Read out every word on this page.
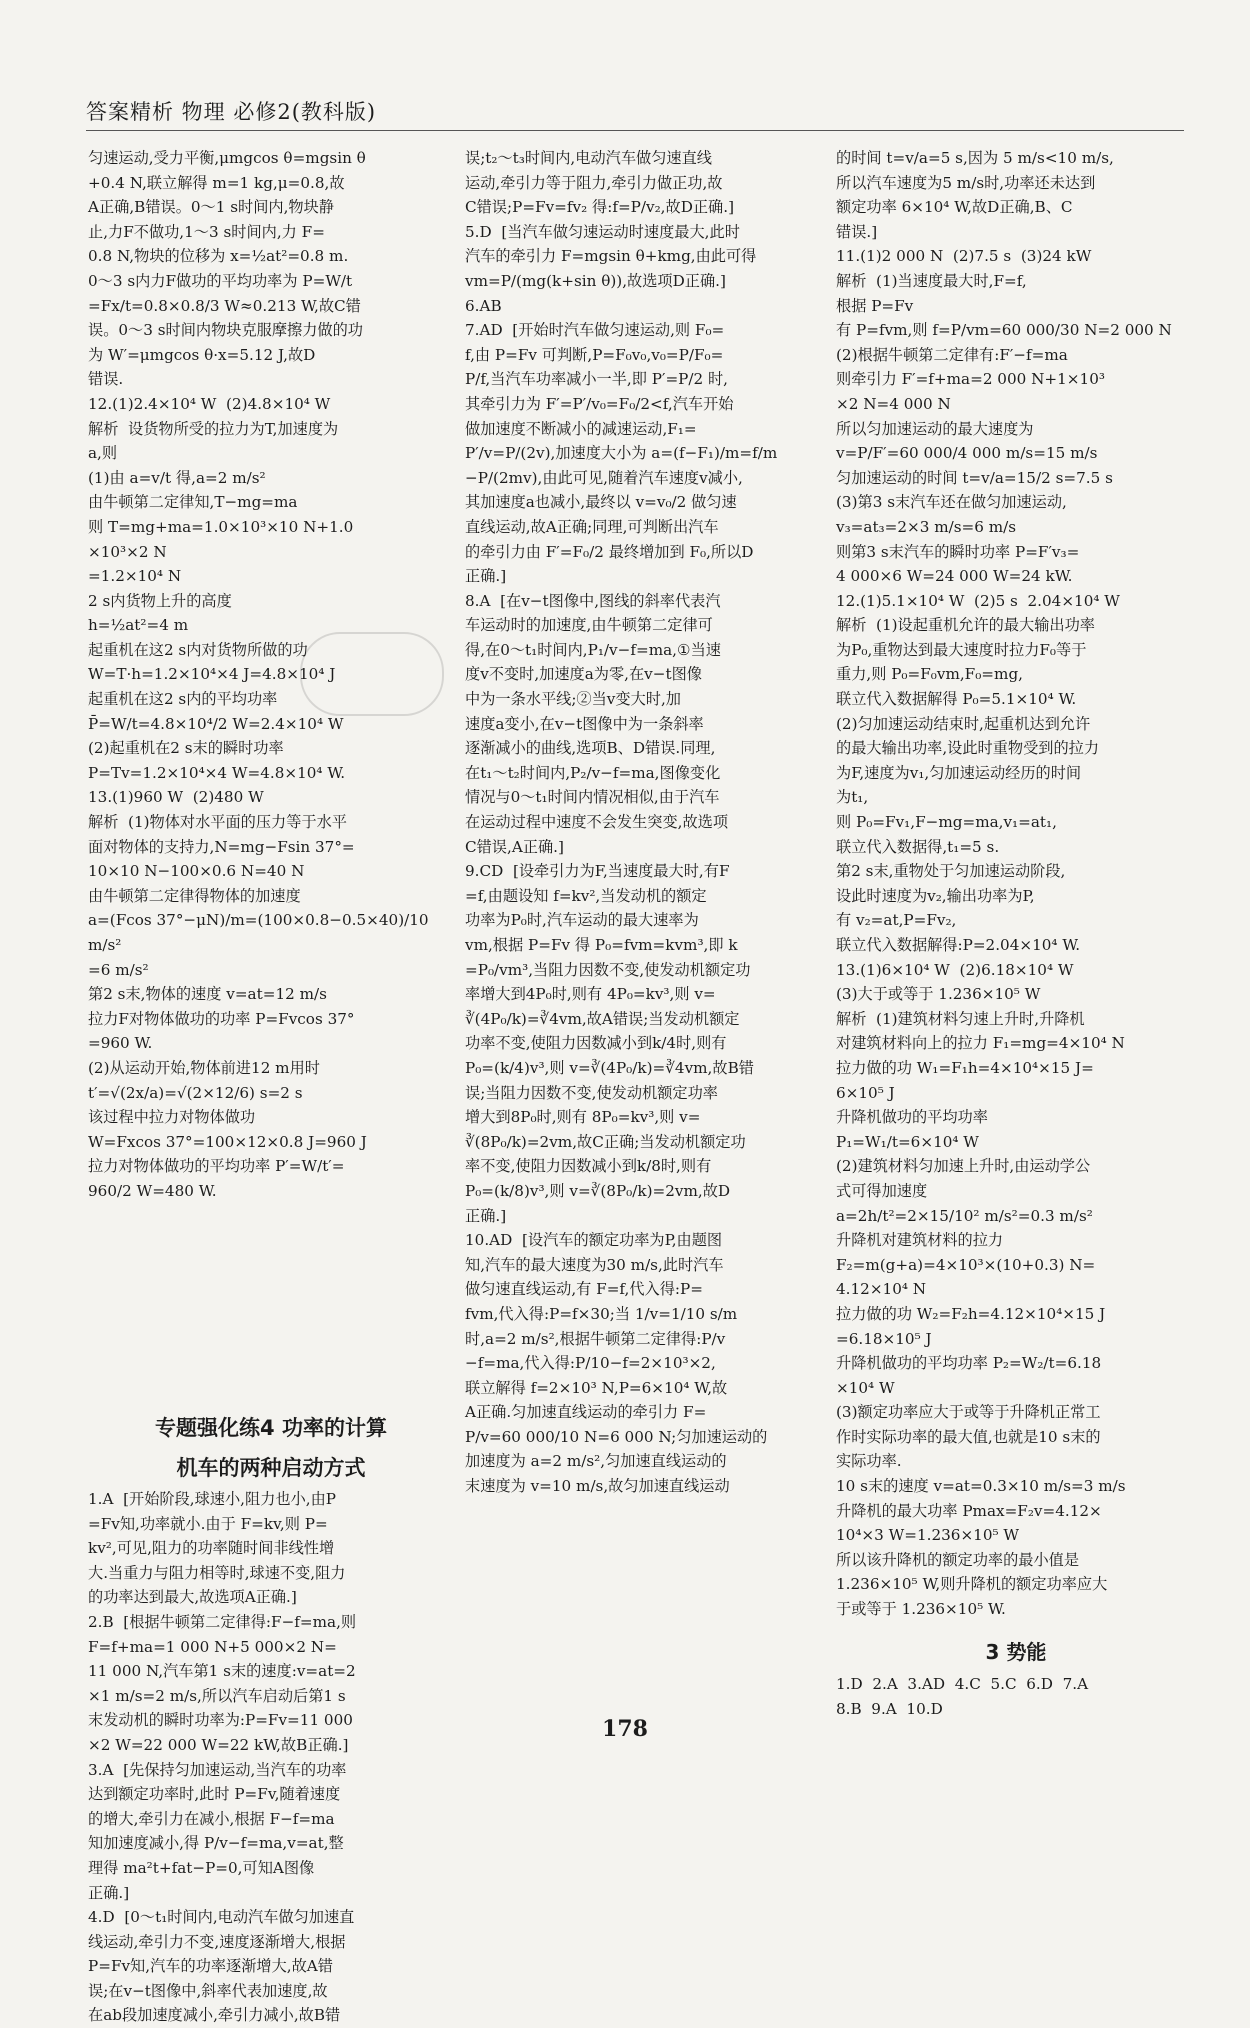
答案精析 物理 必修2(教科版)
匀速运动,受力平衡,μmgcos θ=mgsin θ
+0.4 N,联立解得 m=1 kg,μ=0.8,故
A正确,B错误。0～1 s时间内,物块静
止,力F不做功,1～3 s时间内,力 F=
0.8 N,物块的位移为 x=½at²=0.8 m.
0～3 s内力F做功的平均功率为 P=W/t
=Fx/t=0.8×0.8/3 W≈0.213 W,故C错
误。0～3 s时间内物块克服摩擦力做的功
为 W′=μmgcos θ·x=5.12 J,故D
错误.
12.(1)2.4×10⁴ W  (2)4.8×10⁴ W
解析  设货物所受的拉力为T,加速度为
a,则
(1)由 a=v/t 得,a=2 m/s²
由牛顿第二定律知,T−mg=ma
则 T=mg+ma=1.0×10³×10 N+1.0
×10³×2 N
=1.2×10⁴ N
2 s内货物上升的高度
h=½at²=4 m
起重机在这2 s内对货物所做的功
W=T·h=1.2×10⁴×4 J=4.8×10⁴ J
起重机在这2 s内的平均功率
P̄=W/t=4.8×10⁴/2 W=2.4×10⁴ W
(2)起重机在2 s末的瞬时功率
P=Tv=1.2×10⁴×4 W=4.8×10⁴ W.
13.(1)960 W  (2)480 W
解析  (1)物体对水平面的压力等于水平
面对物体的支持力,N=mg−Fsin 37°=
10×10 N−100×0.6 N=40 N
由牛顿第二定律得物体的加速度
a=(Fcos 37°−μN)/m=(100×0.8−0.5×40)/10 m/s²
=6 m/s²
第2 s末,物体的速度 v=at=12 m/s
拉力F对物体做功的功率 P=Fvcos 37°
=960 W.
(2)从运动开始,物体前进12 m用时
t′=√(2x/a)=√(2×12/6) s=2 s
该过程中拉力对物体做功
W=Fxcos 37°=100×12×0.8 J=960 J
拉力对物体做功的平均功率 P′=W/t′=
960/2 W=480 W.
专题强化练4 功率的计算
机车的两种启动方式
1.A  [开始阶段,球速小,阻力也小,由P
=Fv知,功率就小.由于 F=kv,则 P=
kv²,可见,阻力的功率随时间非线性增
大.当重力与阻力相等时,球速不变,阻力
的功率达到最大,故选项A正确.]
2.B  [根据牛顿第二定律得:F−f=ma,则
F=f+ma=1 000 N+5 000×2 N=
11 000 N,汽车第1 s末的速度:v=at=2
×1 m/s=2 m/s,所以汽车启动后第1 s
末发动机的瞬时功率为:P=Fv=11 000
×2 W=22 000 W=22 kW,故B正确.]
3.A  [先保持匀加速运动,当汽车的功率
达到额定功率时,此时 P=Fv,随着速度
的增大,牵引力在减小,根据 F−f=ma
知加速度减小,得 P/v−f=ma,v=at,整
理得 ma²t+fat−P=0,可知A图像
正确.]
4.D  [0～t₁时间内,电动汽车做匀加速直
线运动,牵引力不变,速度逐渐增大,根据
P=Fv知,汽车的功率逐渐增大,故A错
误;在v−t图像中,斜率代表加速度,故
在ab段加速度减小,牵引力减小,故B错
误;t₂～t₃时间内,电动汽车做匀速直线
运动,牵引力等于阻力,牵引力做正功,故
C错误;P=Fv=fv₂ 得:f=P/v₂,故D正确.]
5.D  [当汽车做匀速运动时速度最大,此时
汽车的牵引力 F=mgsin θ+kmg,由此可得
vm=P/(mg(k+sin θ)),故选项D正确.]
6.AB
7.AD  [开始时汽车做匀速运动,则 F₀=
f,由 P=Fv 可判断,P=F₀v₀,v₀=P/F₀=
P/f,当汽车功率减小一半,即 P′=P/2 时,
其牵引力为 F′=P′/v₀=F₀/2<f,汽车开始
做加速度不断减小的减速运动,F₁=
P′/v=P/(2v),加速度大小为 a=(f−F₁)/m=f/m
−P/(2mv),由此可见,随着汽车速度v减小,
其加速度a也减小,最终以 v=v₀/2 做匀速
直线运动,故A正确;同理,可判断出汽车
的牵引力由 F′=F₀/2 最终增加到 F₀,所以D
正确.]
8.A  [在v−t图像中,图线的斜率代表汽
车运动时的加速度,由牛顿第二定律可
得,在0～t₁时间内,P₁/v−f=ma,①当速
度v不变时,加速度a为零,在v−t图像
中为一条水平线;②当v变大时,加
速度a变小,在v−t图像中为一条斜率
逐渐减小的曲线,选项B、D错误.同理,
在t₁～t₂时间内,P₂/v−f=ma,图像变化
情况与0～t₁时间内情况相似,由于汽车
在运动过程中速度不会发生突变,故选项
C错误,A正确.]
9.CD  [设牵引力为F,当速度最大时,有F
=f,由题设知 f=kv²,当发动机的额定
功率为P₀时,汽车运动的最大速率为
vm,根据 P=Fv 得 P₀=fvm=kvm³,即 k
=P₀/vm³,当阻力因数不变,使发动机额定功
率增大到4P₀时,则有 4P₀=kv³,则 v=
∛(4P₀/k)=∛4vm,故A错误;当发动机额定
功率不变,使阻力因数减小到k/4时,则有
P₀=(k/4)v³,则 v=∛(4P₀/k)=∛4vm,故B错
误;当阻力因数不变,使发动机额定功率
增大到8P₀时,则有 8P₀=kv³,则 v=
∛(8P₀/k)=2vm,故C正确;当发动机额定功
率不变,使阻力因数减小到k/8时,则有
P₀=(k/8)v³,则 v=∛(8P₀/k)=2vm,故D
正确.]
10.AD  [设汽车的额定功率为P,由题图
知,汽车的最大速度为30 m/s,此时汽车
做匀速直线运动,有 F=f,代入得:P=
fvm,代入得:P=f×30;当 1/v=1/10 s/m
时,a=2 m/s²,根据牛顿第二定律得:P/v
−f=ma,代入得:P/10−f=2×10³×2,
联立解得 f=2×10³ N,P=6×10⁴ W,故
A正确.匀加速直线运动的牵引力 F=
P/v=60 000/10 N=6 000 N;匀加速运动的
加速度为 a=2 m/s²,匀加速直线运动的
末速度为 v=10 m/s,故匀加速直线运动
的时间 t=v/a=5 s,因为 5 m/s<10 m/s,
所以汽车速度为5 m/s时,功率还未达到
额定功率 6×10⁴ W,故D正确,B、C
错误.]
11.(1)2 000 N  (2)7.5 s  (3)24 kW
解析  (1)当速度最大时,F=f,
根据 P=Fv
有 P=fvm,则 f=P/vm=60 000/30 N=2 000 N
(2)根据牛顿第二定律有:F′−f=ma
则牵引力 F′=f+ma=2 000 N+1×10³
×2 N=4 000 N
所以匀加速运动的最大速度为
v=P/F′=60 000/4 000 m/s=15 m/s
匀加速运动的时间 t=v/a=15/2 s=7.5 s
(3)第3 s末汽车还在做匀加速运动,
v₃=at₃=2×3 m/s=6 m/s
则第3 s末汽车的瞬时功率 P=F′v₃=
4 000×6 W=24 000 W=24 kW.
12.(1)5.1×10⁴ W  (2)5 s  2.04×10⁴ W
解析  (1)设起重机允许的最大输出功率
为P₀,重物达到最大速度时拉力F₀等于
重力,则 P₀=F₀vm,F₀=mg,
联立代入数据解得 P₀=5.1×10⁴ W.
(2)匀加速运动结束时,起重机达到允许
的最大输出功率,设此时重物受到的拉力
为F,速度为v₁,匀加速运动经历的时间
为t₁,
则 P₀=Fv₁,F−mg=ma,v₁=at₁,
联立代入数据得,t₁=5 s.
第2 s末,重物处于匀加速运动阶段,
设此时速度为v₂,输出功率为P,
有 v₂=at,P=Fv₂,
联立代入数据解得:P=2.04×10⁴ W.
13.(1)6×10⁴ W  (2)6.18×10⁴ W
(3)大于或等于 1.236×10⁵ W
解析  (1)建筑材料匀速上升时,升降机
对建筑材料向上的拉力 F₁=mg=4×10⁴ N
拉力做的功 W₁=F₁h=4×10⁴×15 J=
6×10⁵ J
升降机做功的平均功率
P₁=W₁/t=6×10⁴ W
(2)建筑材料匀加速上升时,由运动学公
式可得加速度
a=2h/t²=2×15/10² m/s²=0.3 m/s²
升降机对建筑材料的拉力
F₂=m(g+a)=4×10³×(10+0.3) N=
4.12×10⁴ N
拉力做的功 W₂=F₂h=4.12×10⁴×15 J
=6.18×10⁵ J
升降机做功的平均功率 P₂=W₂/t=6.18
×10⁴ W
(3)额定功率应大于或等于升降机正常工
作时实际功率的最大值,也就是10 s末的
实际功率.
10 s末的速度 v=at=0.3×10 m/s=3 m/s
升降机的最大功率 Pmax=F₂v=4.12×
10⁴×3 W=1.236×10⁵ W
所以该升降机的额定功率的最小值是
1.236×10⁵ W,则升降机的额定功率应大
于或等于 1.236×10⁵ W.
3 势能
1.D  2.A  3.AD  4.C  5.C  6.D  7.A
8.B  9.A  10.D
178
